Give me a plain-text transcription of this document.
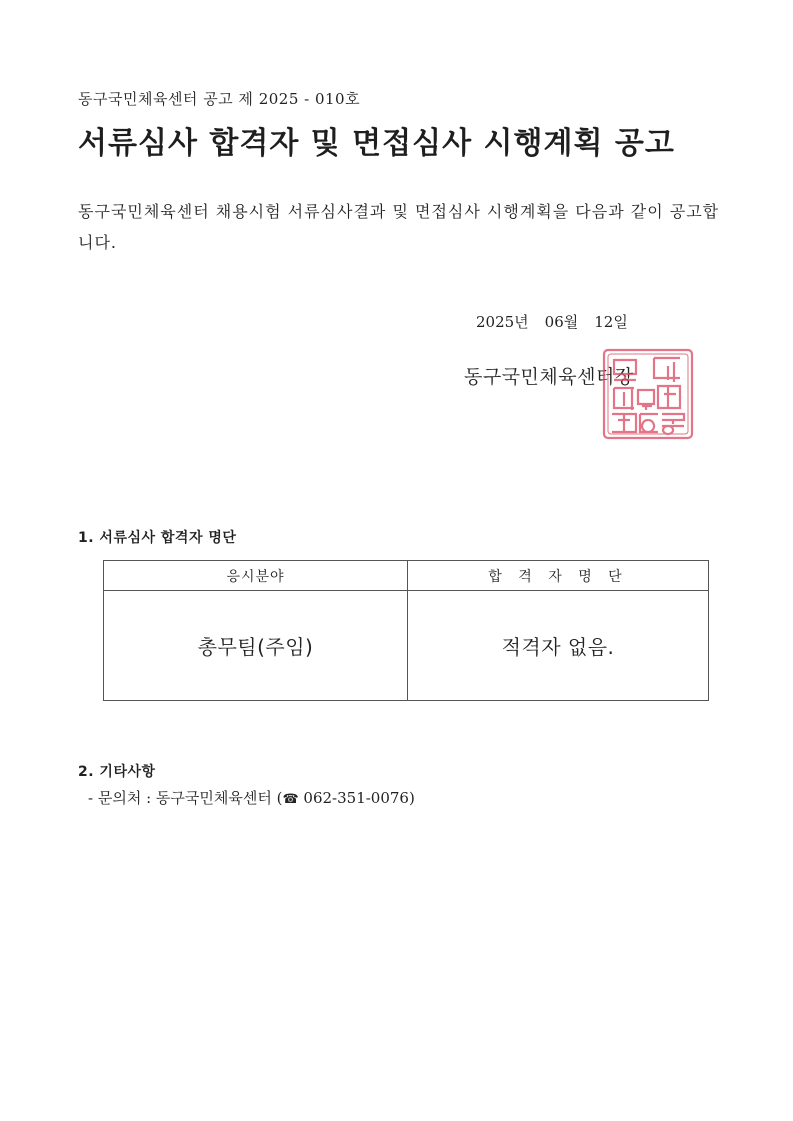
동구국민체육센터 공고 제 2025 - 010호
서류심사 합격자 및 면접심사 시행계획 공고
동구국민체육센터 채용시험 서류심사결과 및 면접심사 시행계획을 다음과 같이 공고합니다.
2025년 06월 12일
동구국민체육센터장
1. 서류심사 합격자 명단
응시분야	합 격 자 명 단
총무팀(주임)	적격자 없음.
2. 기타사항
- 문의처 : 동구국민체육센터 (☎ 062-351-0076)
